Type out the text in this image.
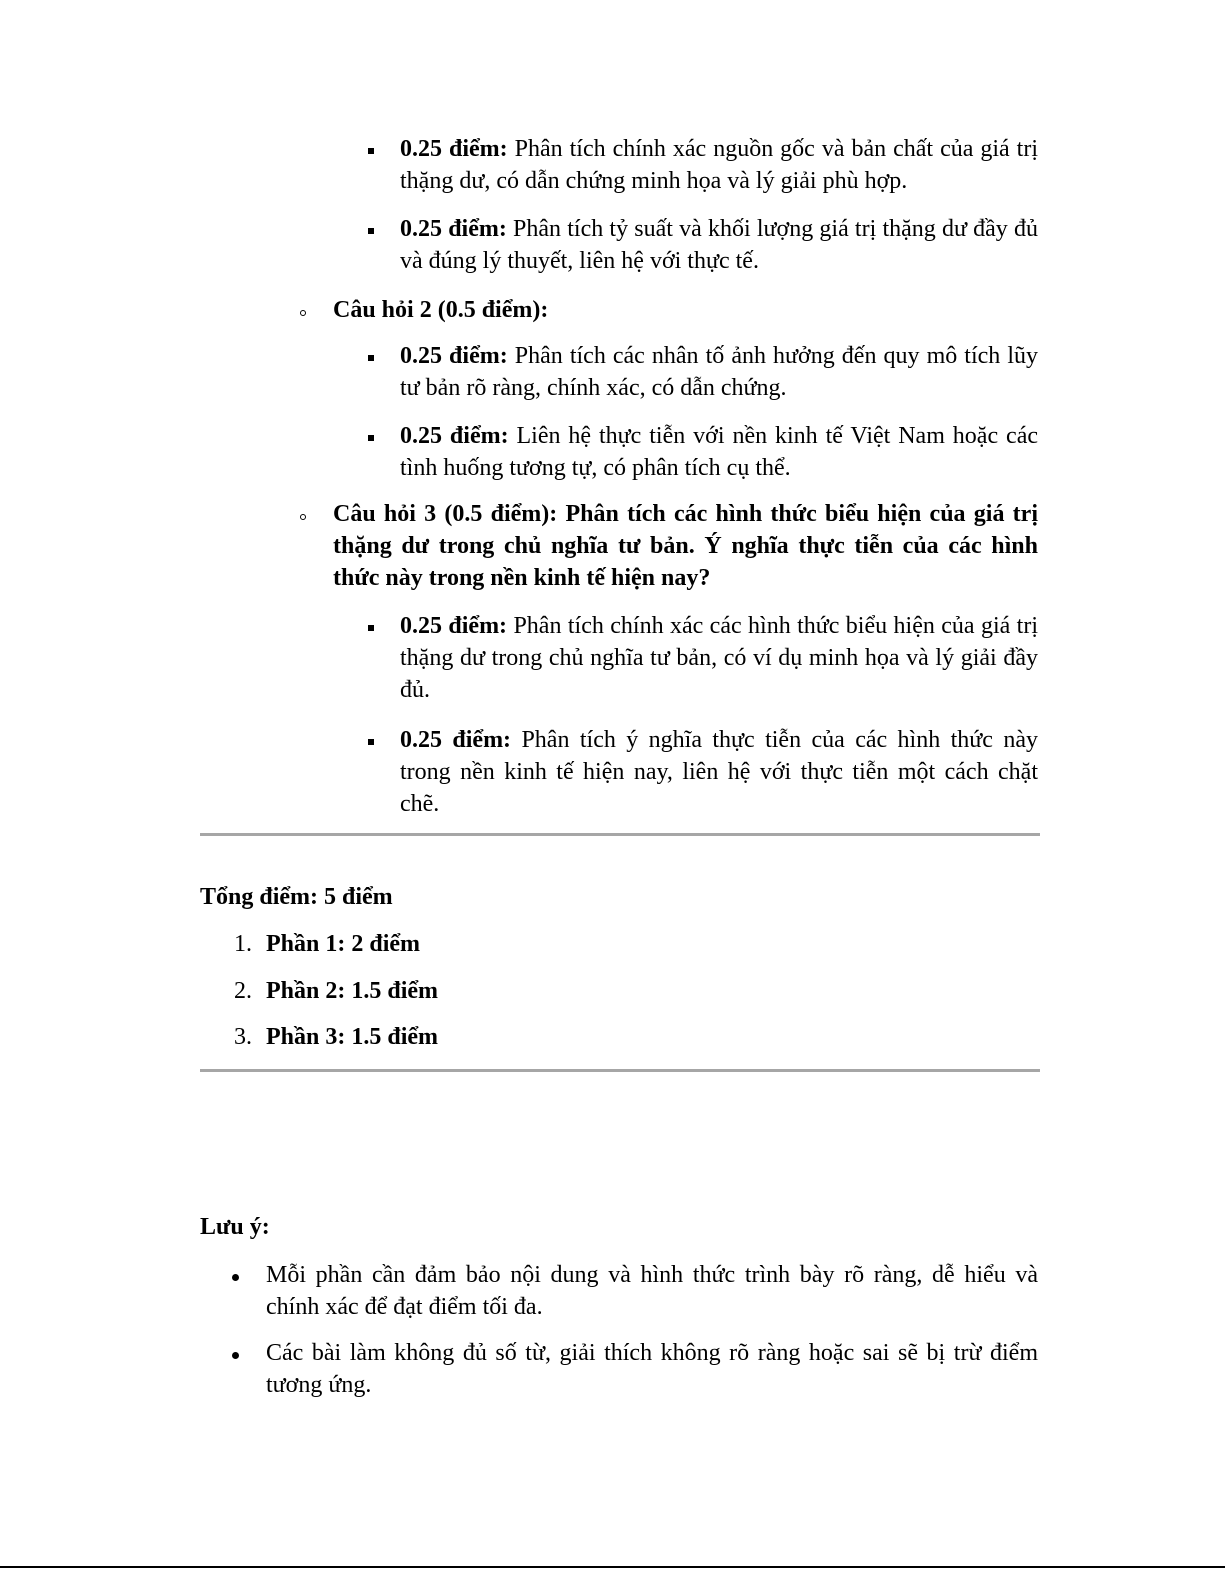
0.25 điểm: Phân tích chính xác nguồn gốc và bản chất của giá trị thặng dư, có dẫn chứng minh họa và lý giải phù hợp.
0.25 điểm: Phân tích tỷ suất và khối lượng giá trị thặng dư đầy đủ và đúng lý thuyết, liên hệ với thực tế.
Câu hỏi 2 (0.5 điểm):
0.25 điểm: Phân tích các nhân tố ảnh hưởng đến quy mô tích lũy tư bản rõ ràng, chính xác, có dẫn chứng.
0.25 điểm: Liên hệ thực tiễn với nền kinh tế Việt Nam hoặc các tình huống tương tự, có phân tích cụ thể.
Câu hỏi 3 (0.5 điểm): Phân tích các hình thức biểu hiện của giá trị thặng dư trong chủ nghĩa tư bản. Ý nghĩa thực tiễn của các hình thức này trong nền kinh tế hiện nay?
0.25 điểm: Phân tích chính xác các hình thức biểu hiện của giá trị thặng dư trong chủ nghĩa tư bản, có ví dụ minh họa và lý giải đầy đủ.
0.25 điểm: Phân tích ý nghĩa thực tiễn của các hình thức này trong nền kinh tế hiện nay, liên hệ với thực tiễn một cách chặt chẽ.
Tổng điểm: 5 điểm
1. Phần 1: 2 điểm
2. Phần 2: 1.5 điểm
3. Phần 3: 1.5 điểm
Lưu ý:
Mỗi phần cần đảm bảo nội dung và hình thức trình bày rõ ràng, dễ hiểu và chính xác để đạt điểm tối đa.
Các bài làm không đủ số từ, giải thích không rõ ràng hoặc sai sẽ bị trừ điểm tương ứng.
